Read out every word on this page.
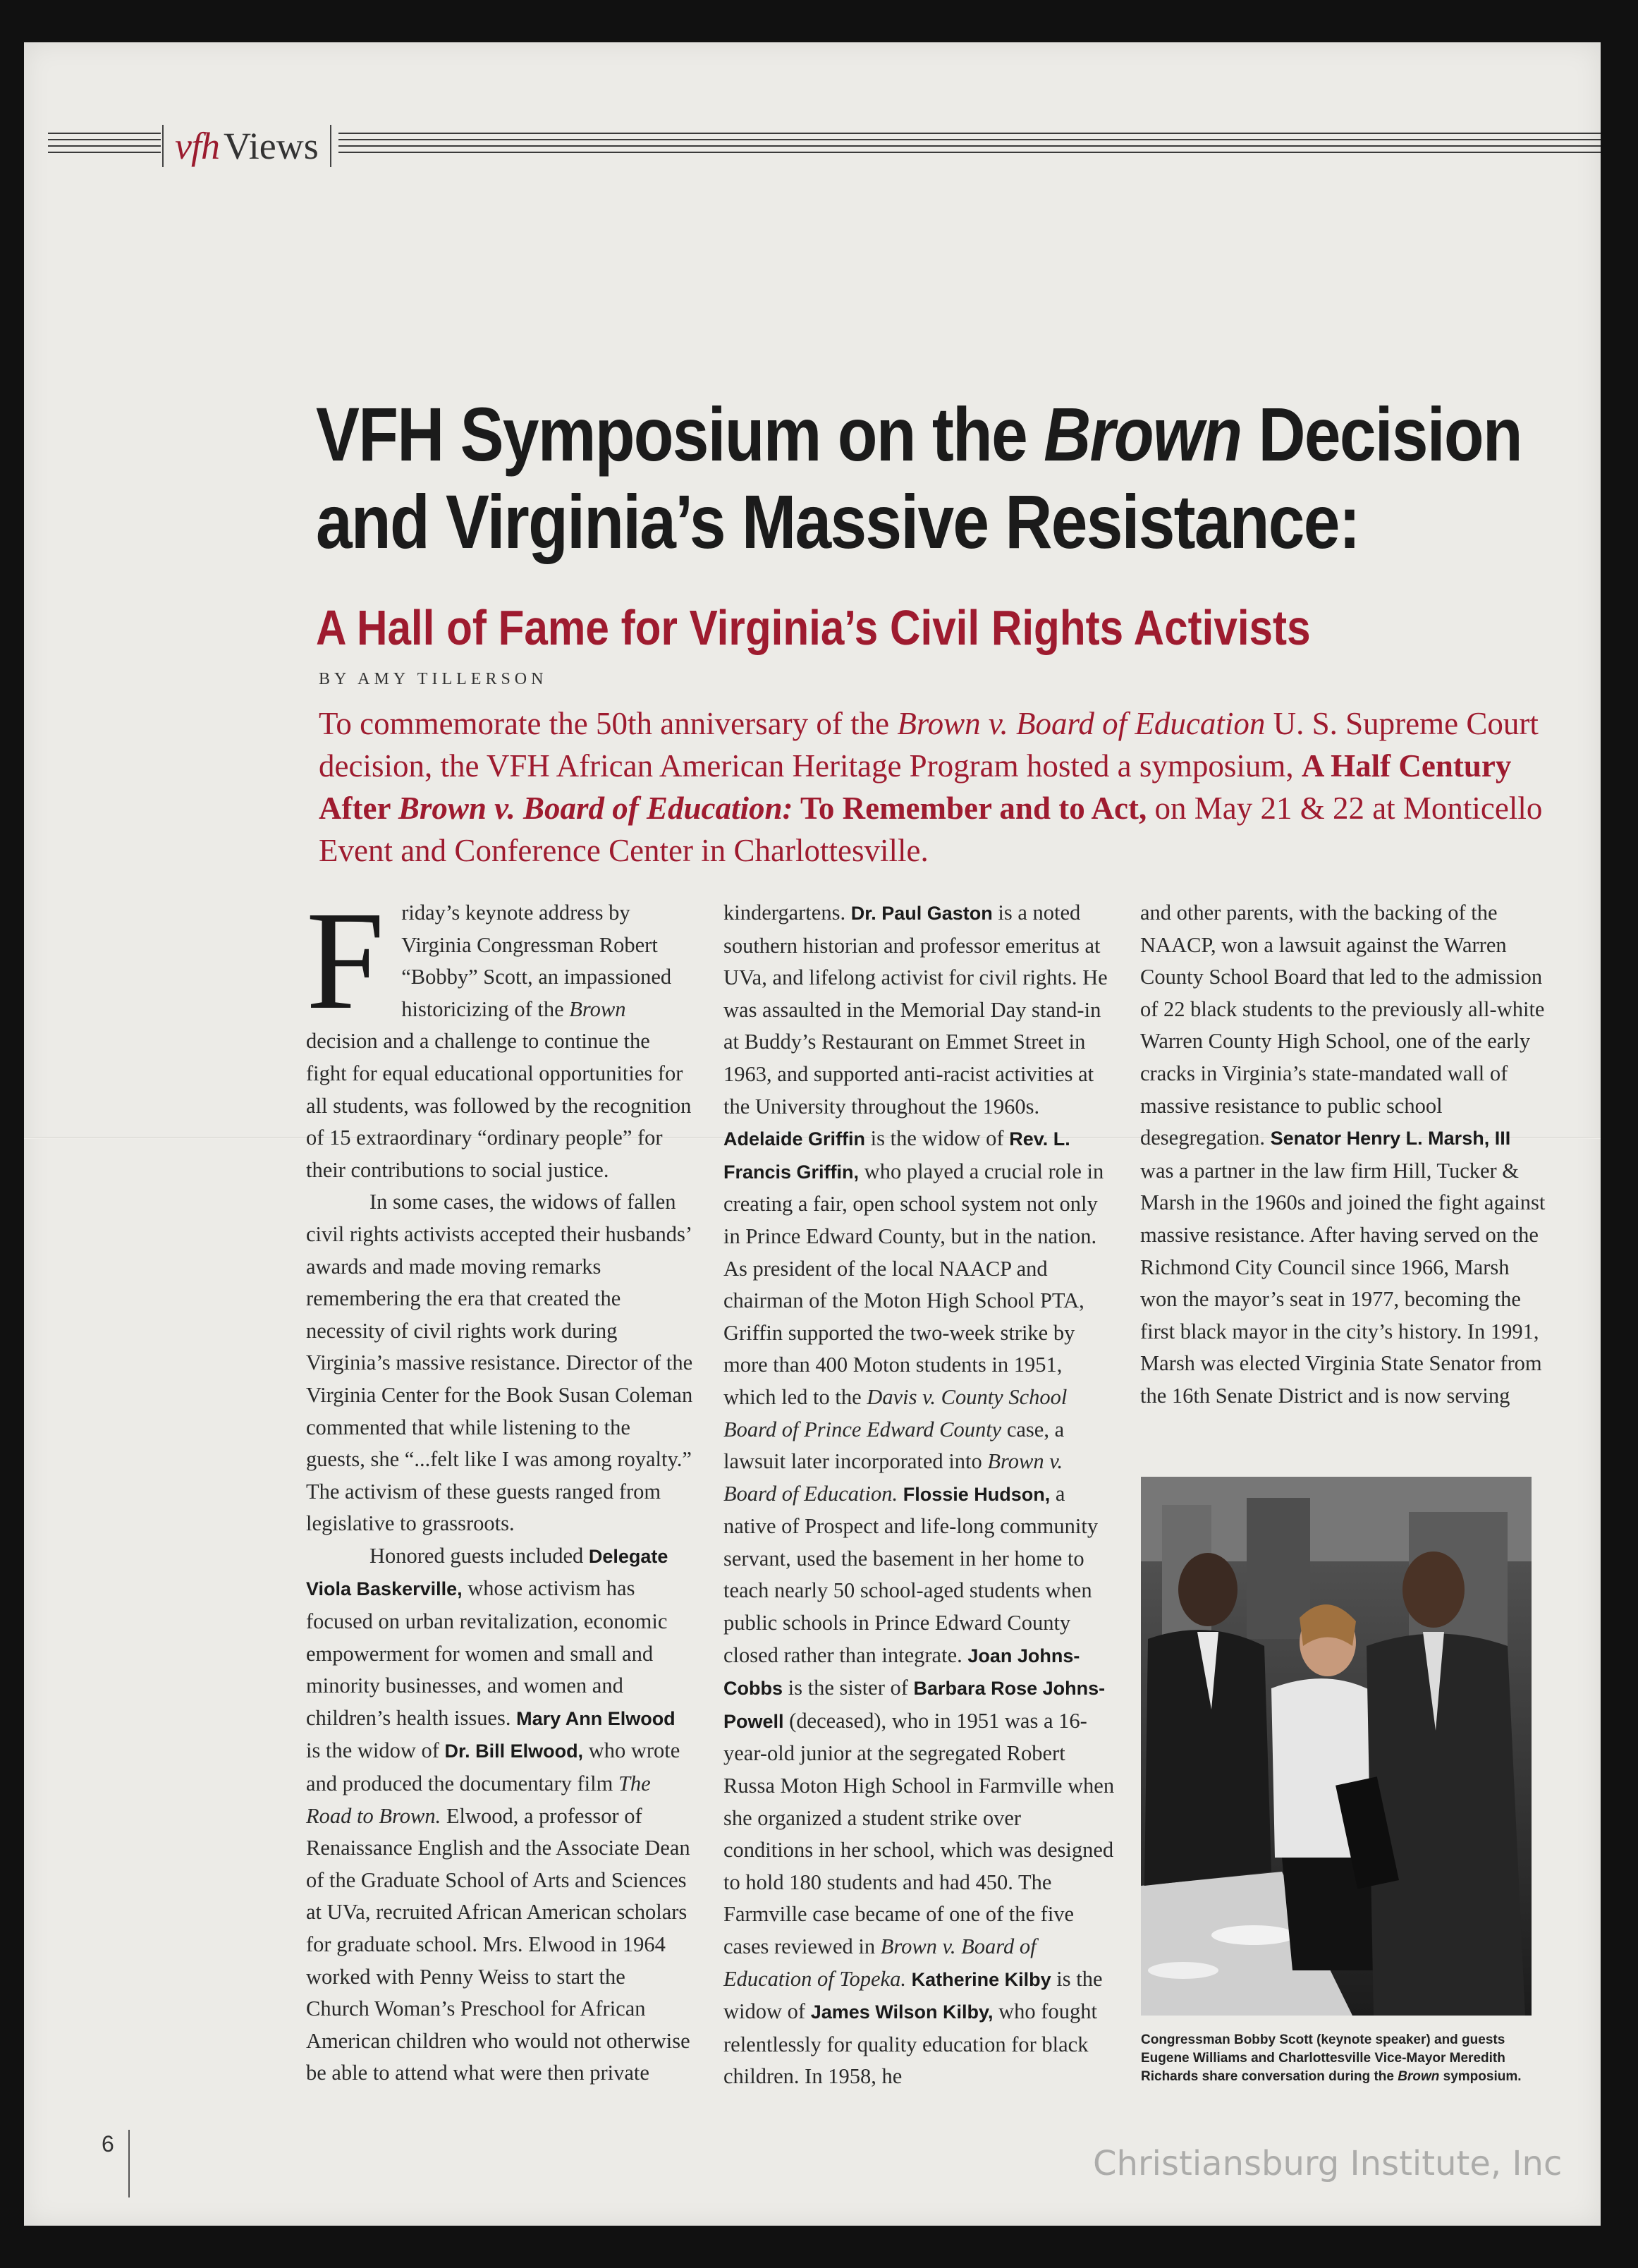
vfh Views
VFH Symposium on the Brown Decision
and Virginia’s Massive Resistance:
A Hall of Fame for Virginia’s Civil Rights Activists
BY AMY TILLERSON
To commemorate the 50th anniversary of the Brown v. Board of Education U. S. Supreme Court decision, the VFH African American Heritage Program hosted a symposium, A Half Century After Brown v. Board of Education: To Remember and to Act, on May 21 & 22 at Monticello Event and Conference Center in Charlottesville.

Friday’s keynote address by Virginia Congressman Robert “Bobby” Scott, an impassioned historicizing of the Brown decision and a challenge to continue the fight for equal educational opportunities for all students, was followed by the recognition of 15 extraordinary “ordinary people” for their contributions to social justice.

In some cases, the widows of fallen civil rights activists accepted their husbands’ awards and made moving remarks remembering the era that created the necessity of civil rights work during Virginia’s massive resistance. Director of the Virginia Center for the Book Susan Coleman commented that while listening to the guests, she “...felt like I was among royalty.” The activism of these guests ranged from legislative to grassroots.

Honored guests included Delegate Viola Baskerville, whose activism has focused on urban revitalization, economic empowerment for women and small and minority businesses, and women and children’s health issues. Mary Ann Elwood is the widow of Dr. Bill Elwood, who wrote and produced the documentary film The Road to Brown. Elwood, a professor of Renaissance English and the Associate Dean of the Graduate School of Arts and Sciences at UVa, recruited African American scholars for graduate school. Mrs. Elwood in 1964 worked with Penny Weiss to start the Church Woman’s Preschool for African American children who would not otherwise be able to attend what were then private

kindergartens. Dr. Paul Gaston is a noted southern historian and professor emeritus at UVa, and lifelong activist for civil rights. He was assaulted in the Memorial Day stand-in at Buddy’s Restaurant on Emmet Street in 1963, and supported anti-racist activities at the University throughout the 1960s. Adelaide Griffin is the widow of Rev. L. Francis Griffin, who played a crucial role in creating a fair, open school system not only in Prince Edward County, but in the nation. As president of the local NAACP and chairman of the Moton High School PTA, Griffin supported the two-week strike by more than 400 Moton students in 1951, which led to the Davis v. County School Board of Prince Edward County case, a lawsuit later incorporated into Brown v. Board of Education. Flossie Hudson, a native of Prospect and life-long community servant, used the basement in her home to teach nearly 50 school-aged students when public schools in Prince Edward County closed rather than integrate. Joan Johns-Cobbs is the sister of Barbara Rose Johns-Powell (deceased), who in 1951 was a 16-year-old junior at the segregated Robert Russa Moton High School in Farmville when she organized a student strike over conditions in her school, which was designed to hold 180 students and had 450. The Farmville case became of one of the five cases reviewed in Brown v. Board of Education of Topeka. Katherine Kilby is the widow of James Wilson Kilby, who fought relentlessly for quality education for black children. In 1958, he

and other parents, with the backing of the NAACP, won a lawsuit against the Warren County School Board that led to the admission of 22 black students to the previously all-white Warren County High School, one of the early cracks in Virginia’s state-mandated wall of massive resistance to public school desegregation. Senator Henry L. Marsh, III was a partner in the law firm Hill, Tucker & Marsh in the 1960s and joined the fight against massive resistance. After having served on the Richmond City Council since 1966, Marsh won the mayor’s seat in 1977, becoming the first black mayor in the city’s history. In 1991, Marsh was elected Virginia State Senator from the 16th Senate District and is now serving

Congressman Bobby Scott (keynote speaker) and guests Eugene Williams and Charlottesville Vice-Mayor Meredith Richards share conversation during the Brown symposium.
6	Christiansburg Institute, Inc
